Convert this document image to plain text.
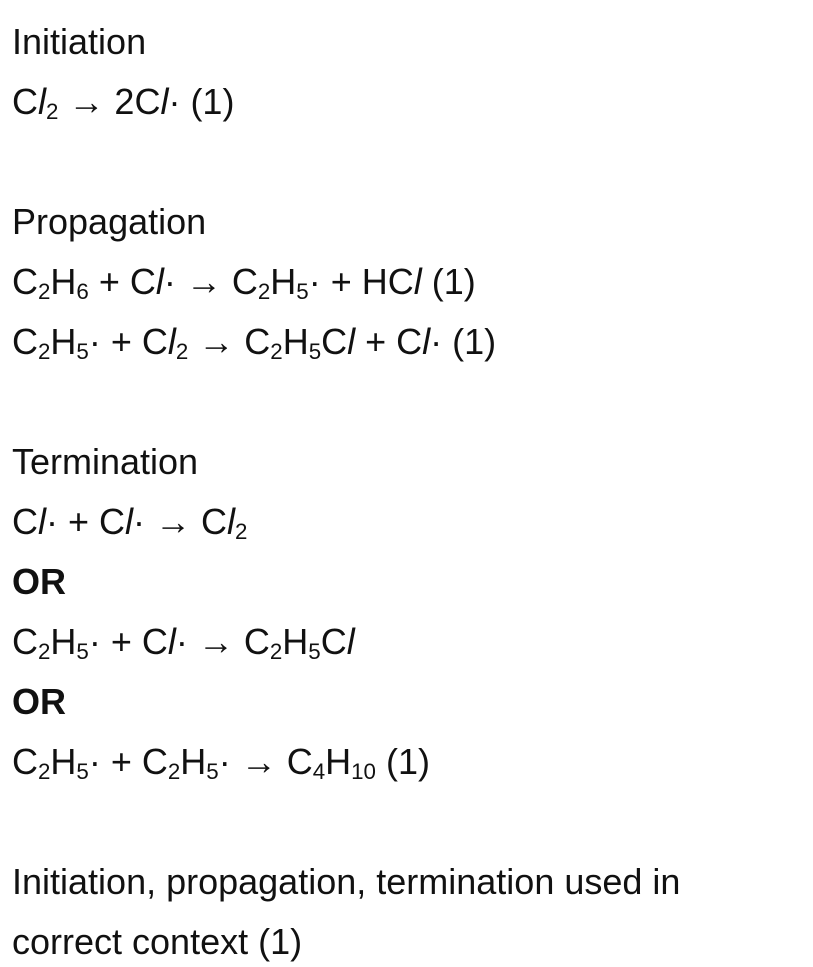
Initiation
$Cl_2 \to 2Cl\cdot (1)$
Propagation
$C_2H_6 + Cl\cdot \to C_2H_5\cdot$ + HCl (1)
$C_2H_5\cdot + Cl_2 \to C_2H_5Cl + Cl\cdot (1)$
Termination
$Cl\cdot + Cl\cdot \to Cl_2$
OR
$C_2H_5\cdot + Cl\cdot \to C_2H_5Cl$
OR
$C_2H_5\cdot + C_2H_5\cdot \to C_4H_{10}$ (1)
Initiation, propagation, termination used in
correct context (1)
